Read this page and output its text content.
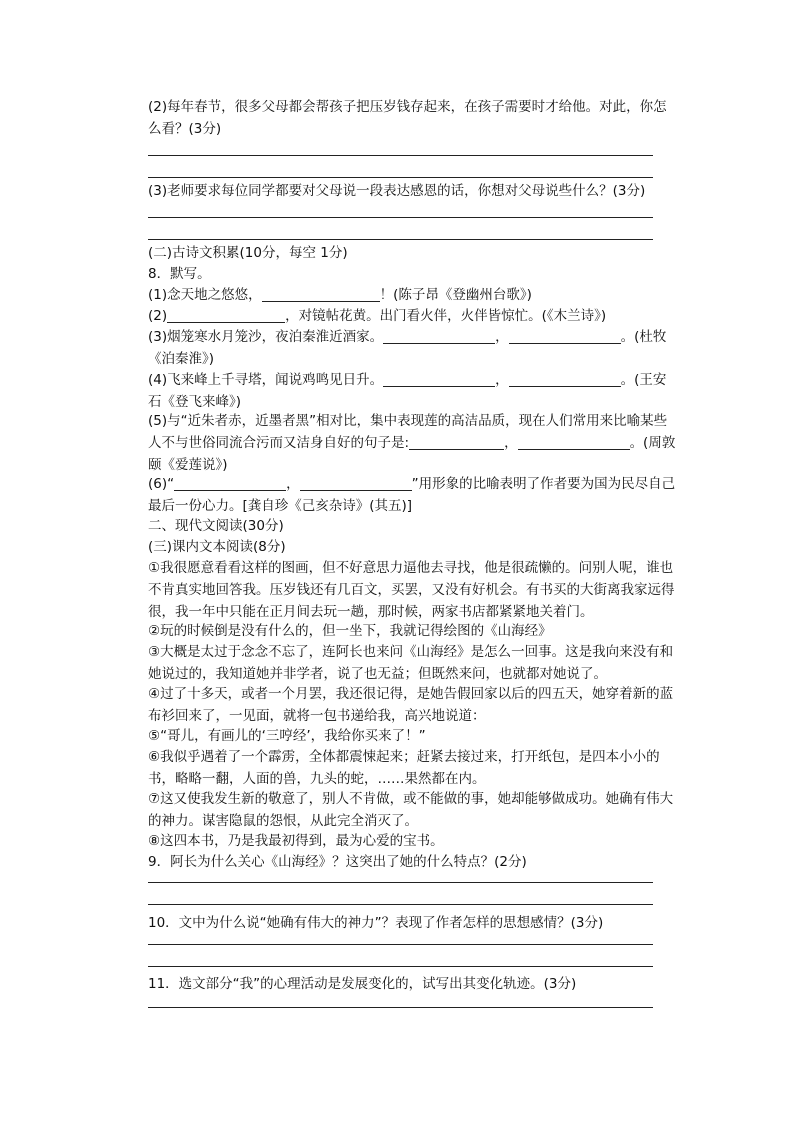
(2)每年春节，很多父母都会帮孩子把压岁钱存起来，在孩子需要时才给他。对此，你怎么看？(3分)

(3)老师要求每位同学都要对父母说一段表达感恩的话，你想对父母说些什么？(3分)

(二)古诗文积累(10分，每空 1分)

8．默写。

(1)念天地之悠悠，	！(陈子昂《登幽州台歌》)

(2)	，对镜帖花黄。出门看火伴，火伴皆惊忙。(《木兰诗》)

(3)烟笼寒水月笼沙，夜泊秦淮近酒家。	，	。(杜牧《泊秦淮》)

(4)飞来峰上千寻塔，闻说鸡鸣见日升。	，	。(王安石《登飞来峰》)

(5)与“近朱者赤，近墨者黑”相对比，集中表现莲的高洁品质，现在人们常用来比喻某些人不与世俗同流合污而又洁身自好的句子是:	，	。(周敦颐《爱莲说》)

(6)“	，	”用形象的比喻表明了作者要为国为民尽自己最后一份心力。[龚自珍《己亥杂诗》(其五)]

二、现代文阅读(30分)

(三)课内文本阅读(8分)

①我很愿意看看这样的图画，但不好意思力逼他去寻找，他是很疏懒的。问别人呢，谁也不肯真实地回答我。压岁钱还有几百文，买罢，又没有好机会。有书买的大街离我家远得很，我一年中只能在正月间去玩一趟，那时候，两家书店都紧紧地关着门。

②玩的时候倒是没有什么的，但一坐下，我就记得绘图的《山海经》

③大概是太过于念念不忘了，连阿长也来问《山海经》是怎么一回事。这是我向来没有和她说过的，我知道她并非学者，说了也无益；但既然来问，也就都对她说了。

④过了十多天，或者一个月罢，我还很记得，是她告假回家以后的四五天，她穿着新的蓝布衫回来了，一见面，就将一包书递给我，高兴地说道：

⑤“哥儿，有画儿的‘三哼经’，我给你买来了！”

⑥我似乎遇着了一个霹雳，全体都震悚起来；赶紧去接过来，打开纸包，是四本小小的书，略略一翻，人面的兽，九头的蛇，……果然都在内。

⑦这又使我发生新的敬意了，别人不肯做，或不能做的事，她却能够做成功。她确有伟大的神力。谋害隐鼠的怨恨，从此完全消灭了。

⑧这四本书，乃是我最初得到，最为心爱的宝书。

9．阿长为什么关心《山海经》？这突出了她的什么特点？(2分)

10．文中为什么说“她确有伟大的神力”？表现了作者怎样的思想感情？(3分)

11．选文部分“我”的心理活动是发展变化的，试写出其变化轨迹。(3分)
